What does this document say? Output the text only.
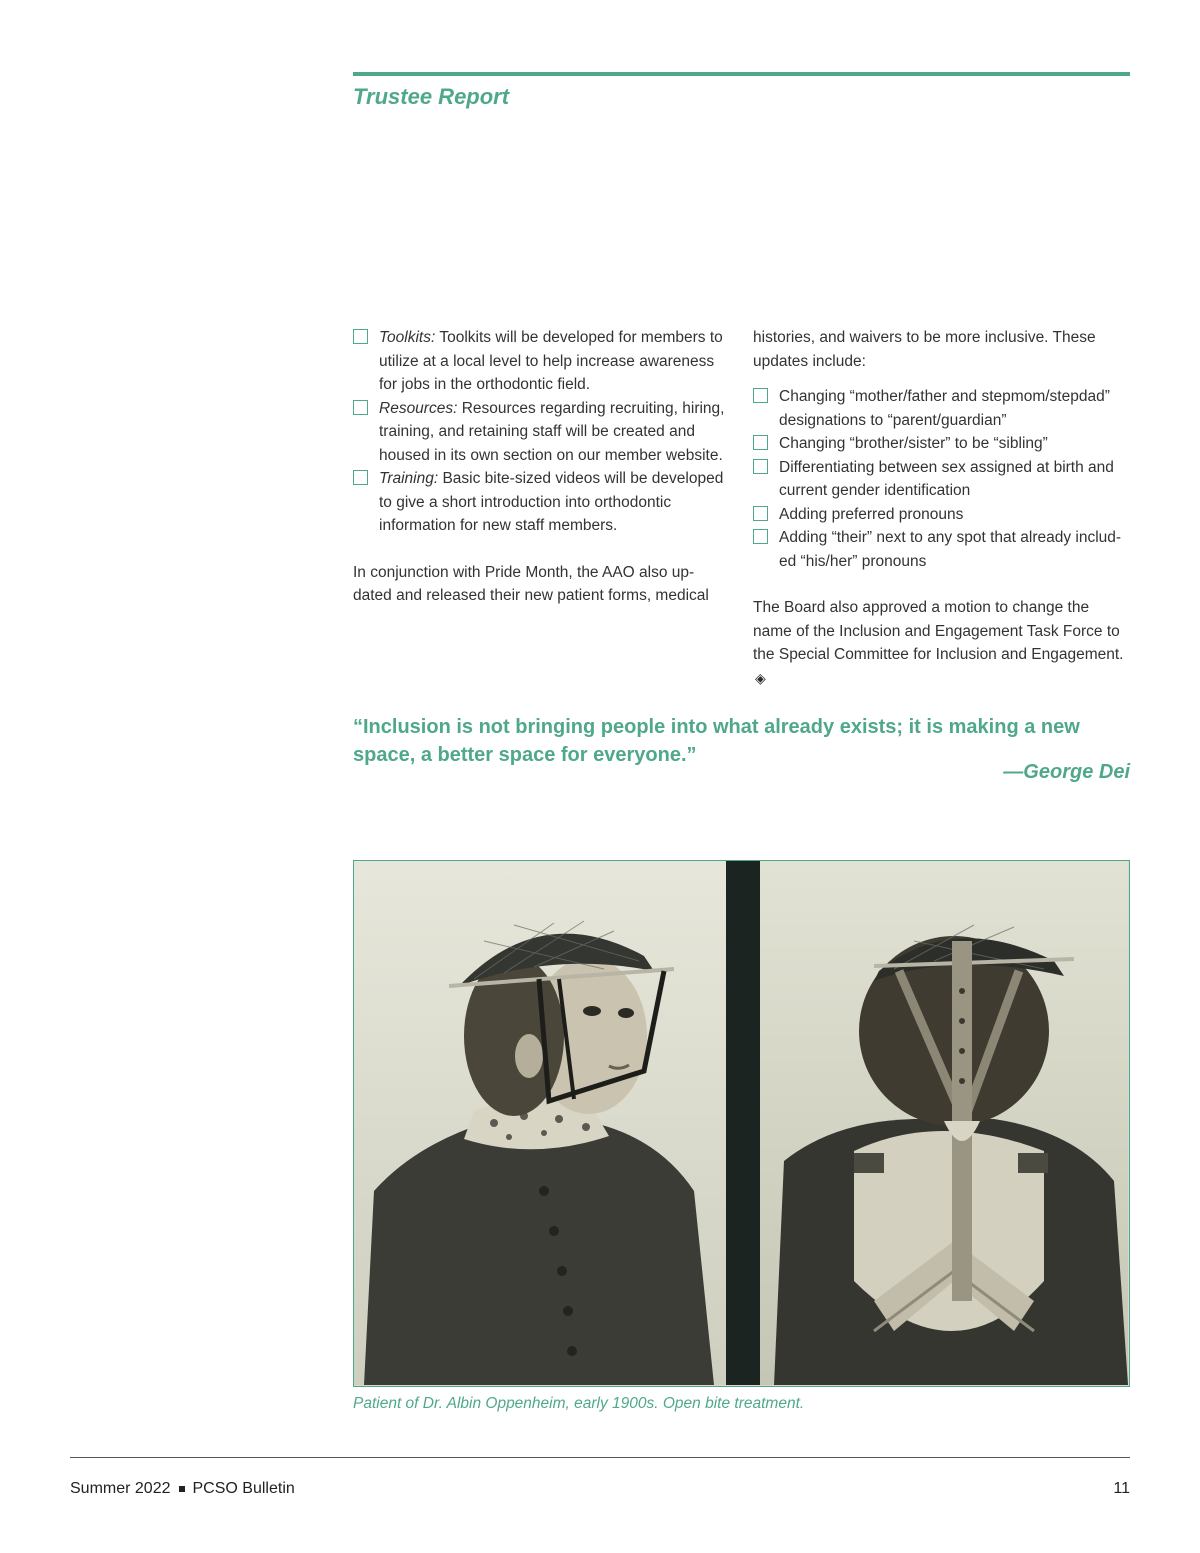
Trustee Report
Toolkits: Toolkits will be developed for members to utilize at a local level to help increase awareness for jobs in the orthodontic field.
Resources: Resources regarding recruiting, hiring, training, and retaining staff will be created and housed in its own section on our member website.
Training: Basic bite-sized videos will be developed to give a short introduction into orthodontic information for new staff members.

In conjunction with Pride Month, the AAO also up-dated and released their new patient forms, medical

histories, and waivers to be more inclusive. These updates include:

Changing “mother/father and stepmom/stepdad” designations to “parent/guardian”
Changing “brother/sister” to be “sibling”
Differentiating between sex assigned at birth and current gender identification
Adding preferred pronouns
Adding “their” next to any spot that already includ-ed “his/her” pronouns

The Board also approved a motion to change the name of the Inclusion and Engagement Task Force to the Special Committee for Inclusion and Engagement. ◈

“Inclusion is not bringing people into what already exists; it is making a new space, a better space for everyone.”

—George Dei

Patient of Dr. Albin Oppenheim, early 1900s. Open bite treatment.

Summer 2022 PCSO Bulletin	11
